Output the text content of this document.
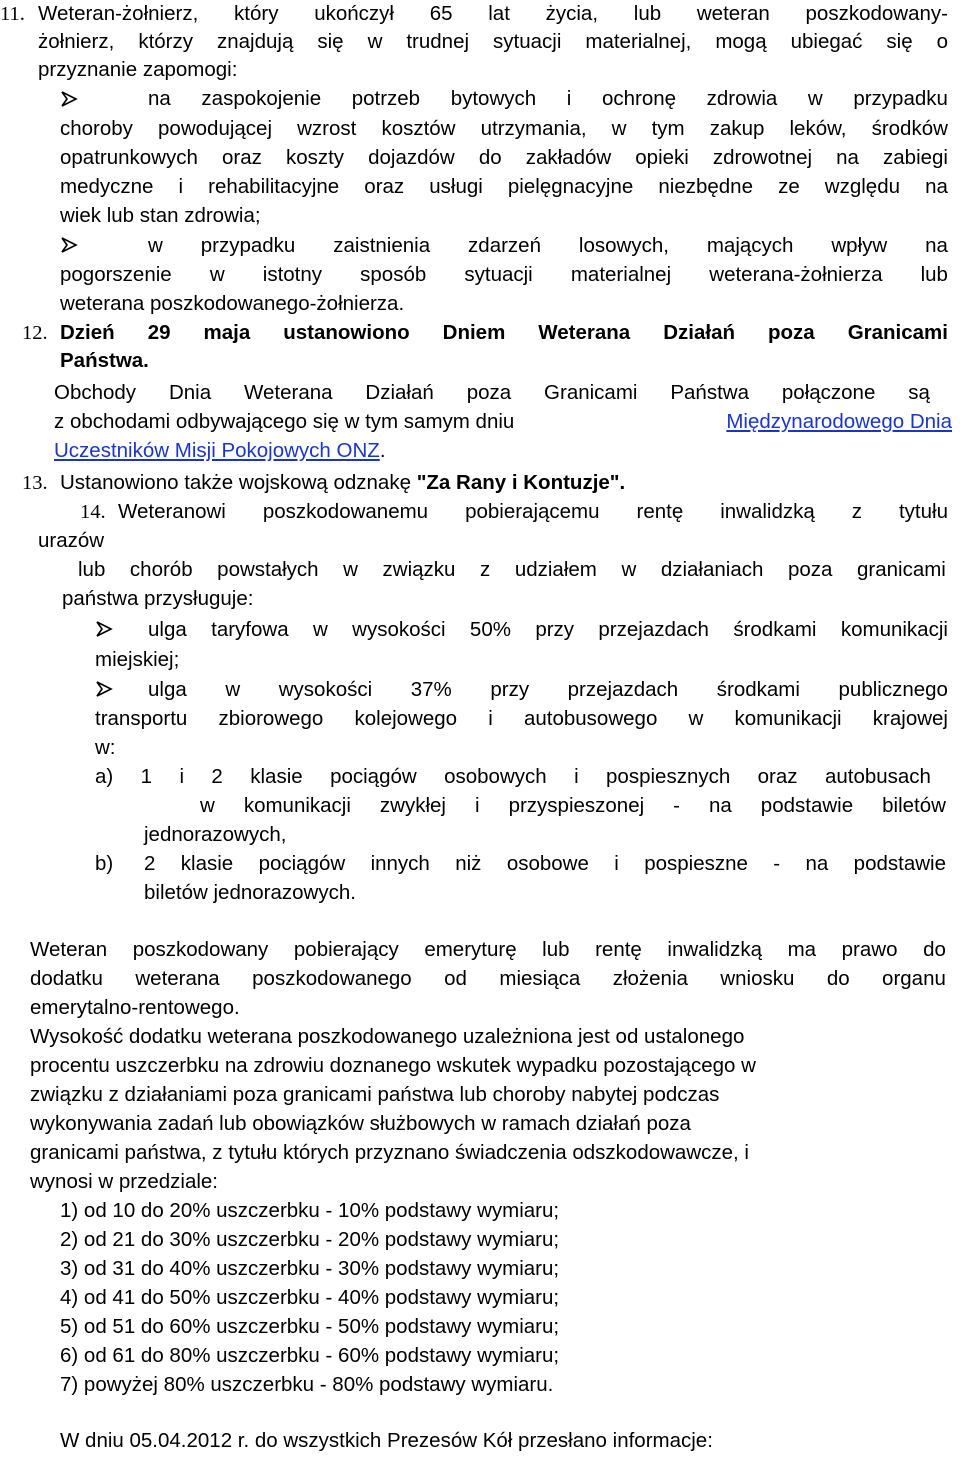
11. Weteran-żołnierz, który ukończył 65 lat życia, lub weteran poszkodowany-
żołnierz, którzy znajdują się w trudnej sytuacji materialnej, mogą ubiegać się o
przyznanie zapomogi:
na zaspokojenie potrzeb bytowych i ochronę zdrowia w przypadku
choroby powodującej wzrost kosztów utrzymania, w tym zakup leków, środków
opatrunkowych oraz koszty dojazdów do zakładów opieki zdrowotnej na zabiegi
medyczne i rehabilitacyjne oraz usługi pielęgnacyjne niezbędne ze względu na
wiek lub stan zdrowia;
w przypadku zaistnienia zdarzeń losowych, mających wpływ na
pogorszenie w istotny sposób sytuacji materialnej weterana-żołnierza lub
weterana poszkodowanego-żołnierza.
12. Dzień 29 maja ustanowiono Dniem Weterana Działań poza Granicami
Państwa.
Obchody Dnia Weterana Działań poza Granicami Państwa połączone są
z obchodami odbywającego się w tym samym dniu	Międzynarodowego Dnia
Uczestników Misji Pokojowych ONZ.
13. Ustanowiono także wojskową odznakę "Za Rany i Kontuzje".
14. Weteranowi poszkodowanemu pobierającemu rentę inwalidzką z tytułu
urazów
lub chorób powstałych w związku z udziałem w działaniach poza granicami
państwa przysługuje:
ulga taryfowa w wysokości 50% przy przejazdach środkami komunikacji
miejskiej;
ulga w wysokości 37% przy przejazdach środkami publicznego
transportu zbiorowego kolejowego i autobusowego w komunikacji krajowej
w:
a) 1 i 2 klasie pociągów osobowych i pospiesznych oraz autobusach
w komunikacji zwykłej i przyspieszonej - na podstawie biletów
jednorazowych,
b) 2 klasie pociągów innych niż osobowe i pospieszne - na podstawie
biletów jednorazowych.
Weteran poszkodowany pobierający emeryturę lub rentę inwalidzką ma prawo do
dodatku weterana poszkodowanego od miesiąca złożenia wniosku do organu
emerytalno-rentowego.
Wysokość dodatku weterana poszkodowanego uzależniona jest od ustalonego
procentu uszczerbku na zdrowiu doznanego wskutek wypadku pozostającego w
związku z działaniami poza granicami państwa lub choroby nabytej podczas
wykonywania zadań lub obowiązków służbowych w ramach działań poza
granicami państwa, z tytułu których przyznano świadczenia odszkodowawcze, i
wynosi w przedziale:
1) od 10 do 20% uszczerbku - 10% podstawy wymiaru;
2) od 21 do 30% uszczerbku - 20% podstawy wymiaru;
3) od 31 do 40% uszczerbku - 30% podstawy wymiaru;
4) od 41 do 50% uszczerbku - 40% podstawy wymiaru;
5) od 51 do 60% uszczerbku - 50% podstawy wymiaru;
6) od 61 do 80% uszczerbku - 60% podstawy wymiaru;
7) powyżej 80% uszczerbku - 80% podstawy wymiaru.
W dniu 05.04.2012 r. do wszystkich Prezesów Kół przesłano informacje:
